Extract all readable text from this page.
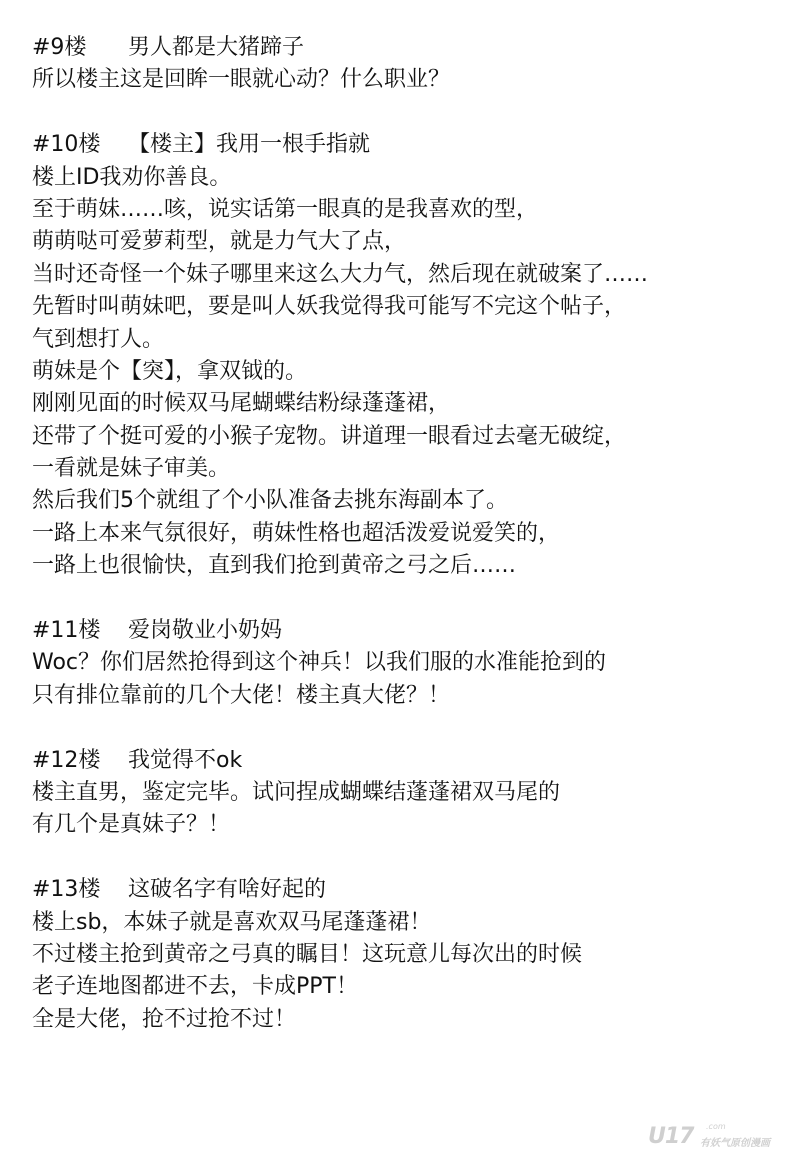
#9楼 男人都是大猪蹄子
所以楼主这是回眸一眼就心动？什么职业？
#10楼 【楼主】我用一根手指就
楼上ID我劝你善良。
至于萌妹……咳，说实话第一眼真的是我喜欢的型，
萌萌哒可爱萝莉型，就是力气大了点，
当时还奇怪一个妹子哪里来这么大力气，然后现在就破案了……
先暂时叫萌妹吧，要是叫人妖我觉得我可能写不完这个帖子，
气到想打人。
萌妹是个【突】，拿双钺的。
刚刚见面的时候双马尾蝴蝶结粉绿蓬蓬裙，
还带了个挺可爱的小猴子宠物。讲道理一眼看过去毫无破绽，
一看就是妹子审美。
然后我们5个就组了个小队准备去挑东海副本了。
一路上本来气氛很好，萌妹性格也超活泼爱说爱笑的，
一路上也很愉快，直到我们抢到黄帝之弓之后……
#11楼 爱岗敬业小奶妈
Woc？你们居然抢得到这个神兵！以我们服的水准能抢到的
只有排位靠前的几个大佬！楼主真大佬？！
#12楼 我觉得不ok
楼主直男，鉴定完毕。试问捏成蝴蝶结蓬蓬裙双马尾的
有几个是真妹子？！
#13楼 这破名字有啥好起的
楼上sb，本妹子就是喜欢双马尾蓬蓬裙！
不过楼主抢到黄帝之弓真的瞩目！这玩意儿每次出的时候
老子连地图都进不去，卡成PPT！
全是大佬，抢不过抢不过！
U17 .com
有妖气原创漫画
